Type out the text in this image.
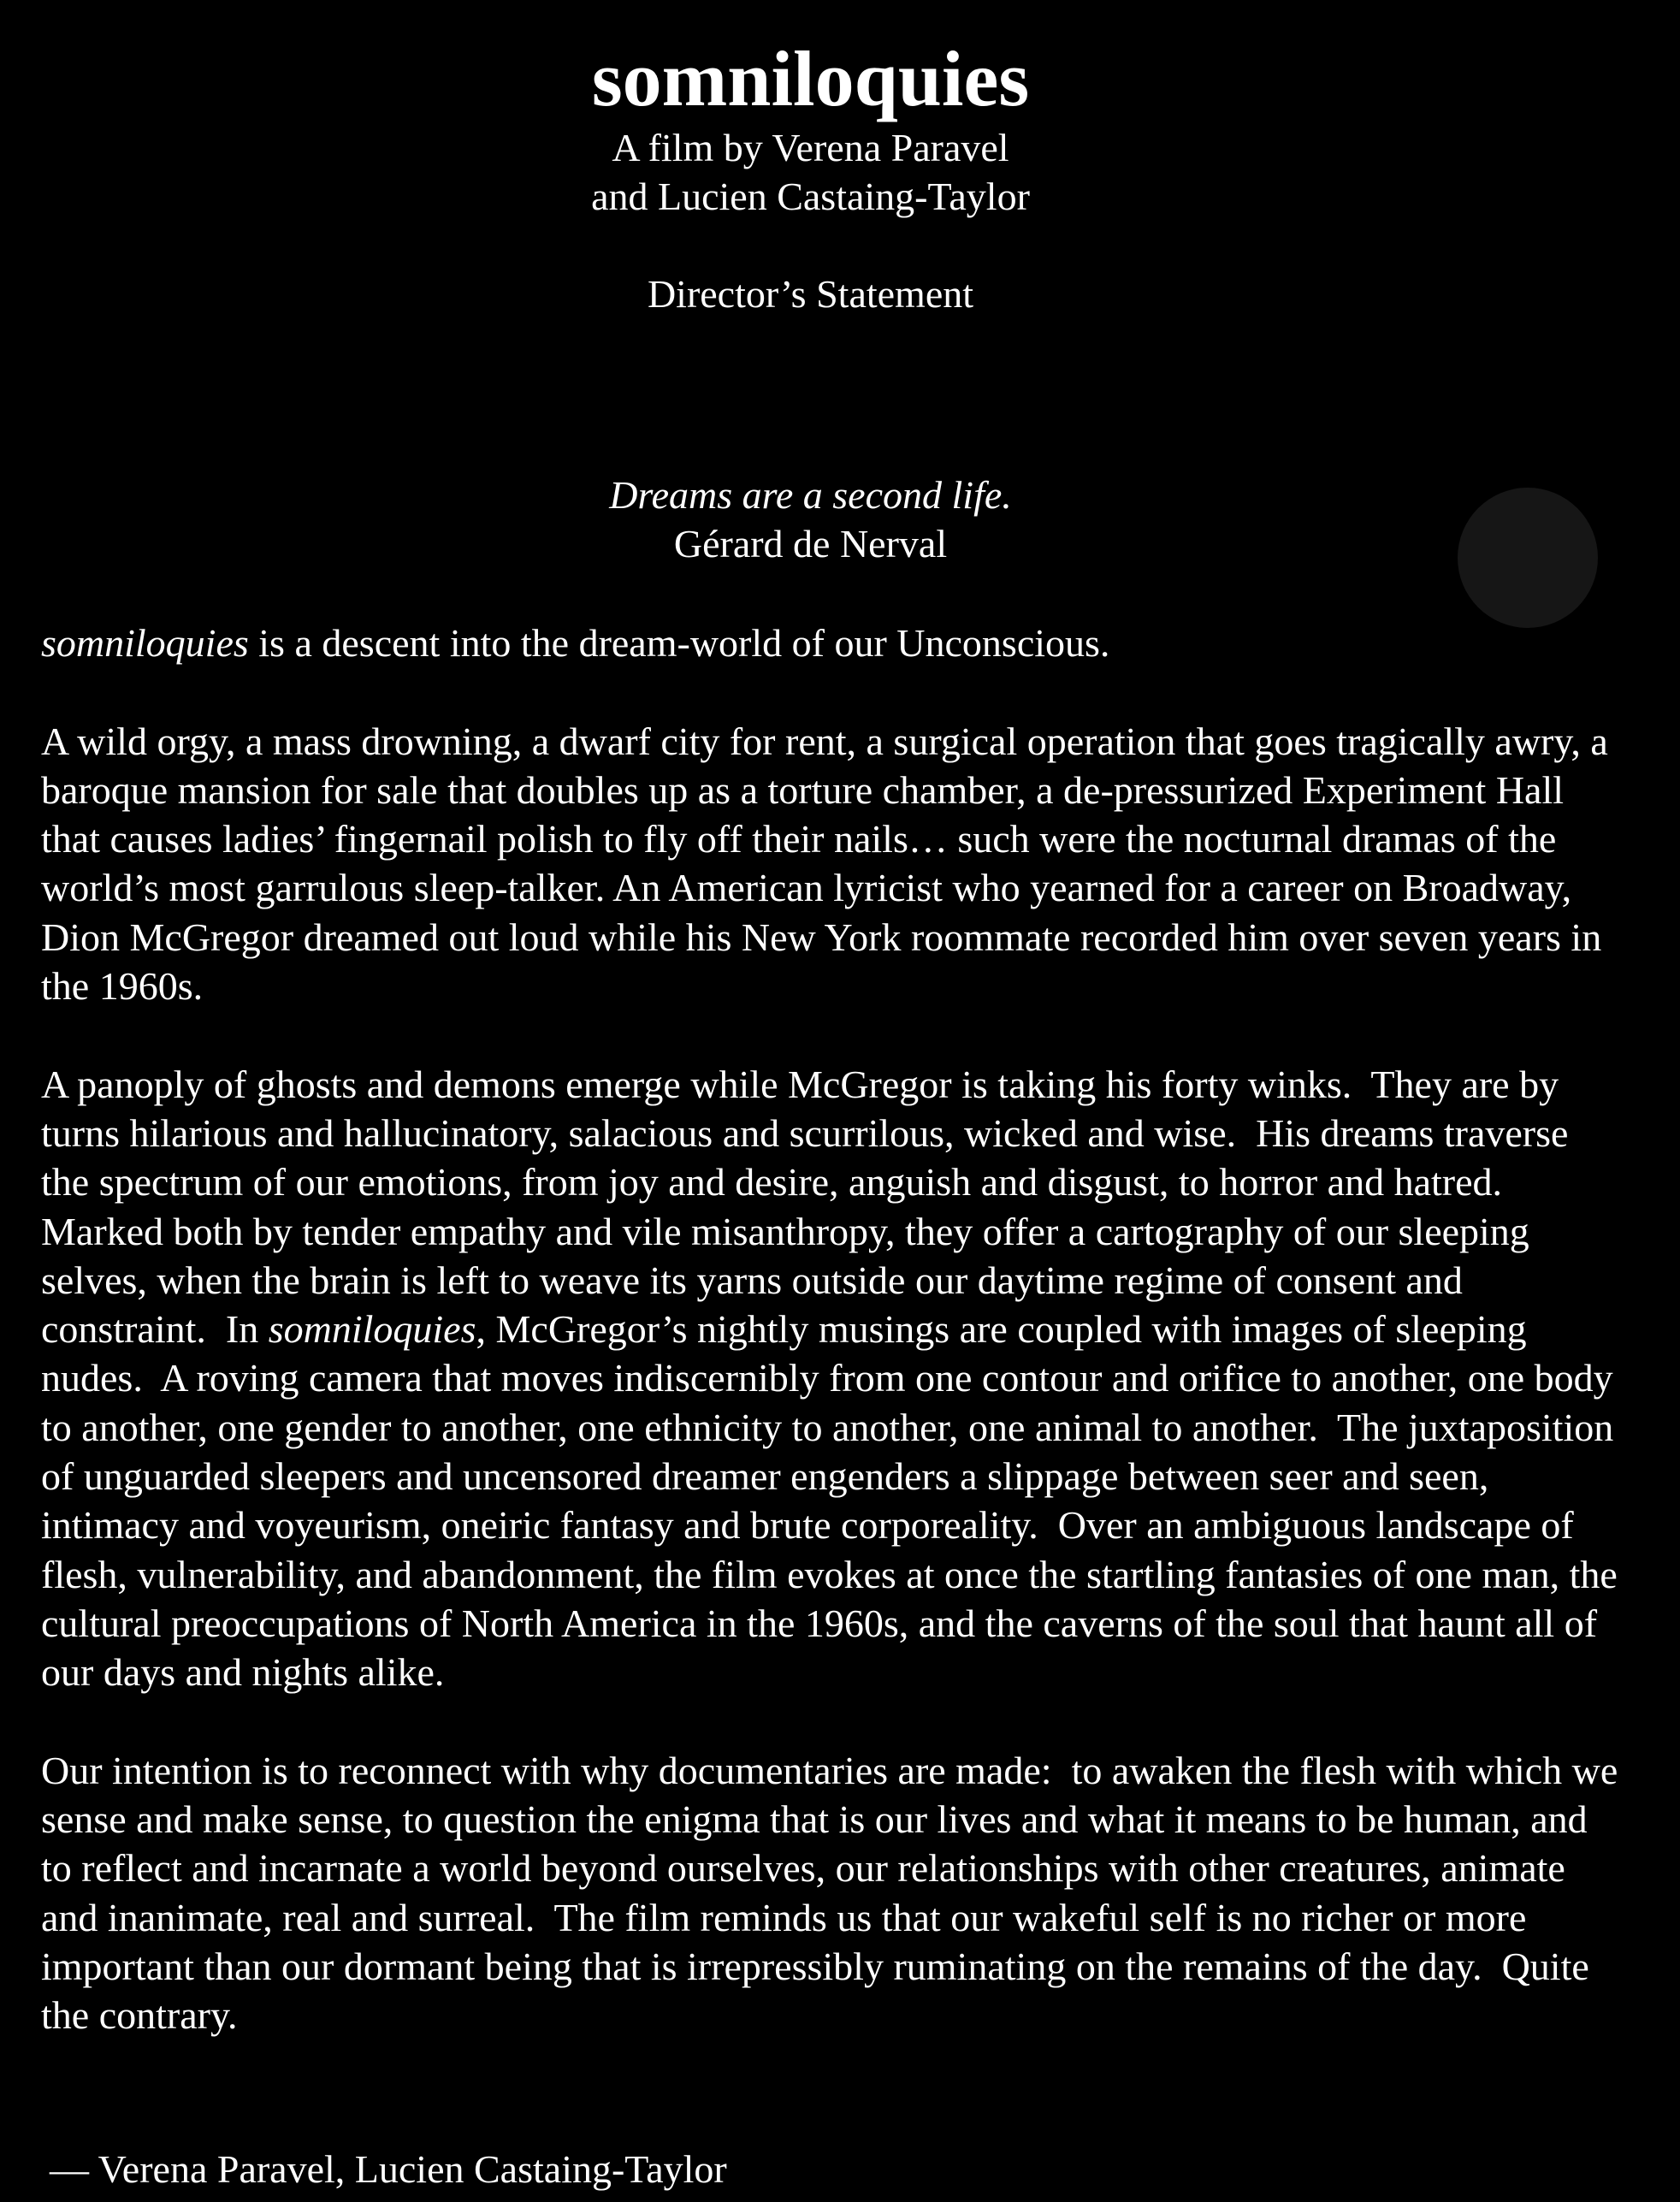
somniloquies
A film by Verena Paravel
and Lucien Castaing-Taylor
Director’s Statement
Dreams are a second life.
Gérard de Nerval

somniloquies is a descent into the dream-world of our Unconscious.

A wild orgy, a mass drowning, a dwarf city for rent, a surgical operation that goes tragically awry, a baroque mansion for sale that doubles up as a torture chamber, a de-pressurized Experiment Hall that causes ladies’ fingernail polish to fly off their nails… such were the nocturnal dramas of the world’s most garrulous sleep-talker. An American lyricist who yearned for a career on Broadway, Dion McGregor dreamed out loud while his New York roommate recorded him over seven years in the 1960s.

A panoply of ghosts and demons emerge while McGregor is taking his forty winks.  They are by turns hilarious and hallucinatory, salacious and scurrilous, wicked and wise.  His dreams traverse the spectrum of our emotions, from joy and desire, anguish and disgust, to horror and hatred.  Marked both by tender empathy and vile misanthropy, they offer a cartography of our sleeping selves, when the brain is left to weave its yarns outside our daytime regime of consent and constraint.  In somniloquies, McGregor’s nightly musings are coupled with images of sleeping nudes.  A roving camera that moves indiscernibly from one contour and orifice to another, one body to another, one gender to another, one ethnicity to another, one animal to another.  The juxtaposition of unguarded sleepers and uncensored dreamer engenders a slippage between seer and seen, intimacy and voyeurism, oneiric fantasy and brute corporeality.  Over an ambiguous landscape of flesh, vulnerability, and abandonment, the film evokes at once the startling fantasies of one man, the cultural preoccupations of North America in the 1960s, and the caverns of the soul that haunt all of our days and nights alike.

Our intention is to reconnect with why documentaries are made:  to awaken the flesh with which we sense and make sense, to question the enigma that is our lives and what it means to be human, and to reflect and incarnate a world beyond ourselves, our relationships with other creatures, animate and inanimate, real and surreal.  The film reminds us that our wakeful self is no richer or more important than our dormant being that is irrepressibly ruminating on the remains of the day.  Quite the contrary.

— Verena Paravel, Lucien Castaing-Taylor
